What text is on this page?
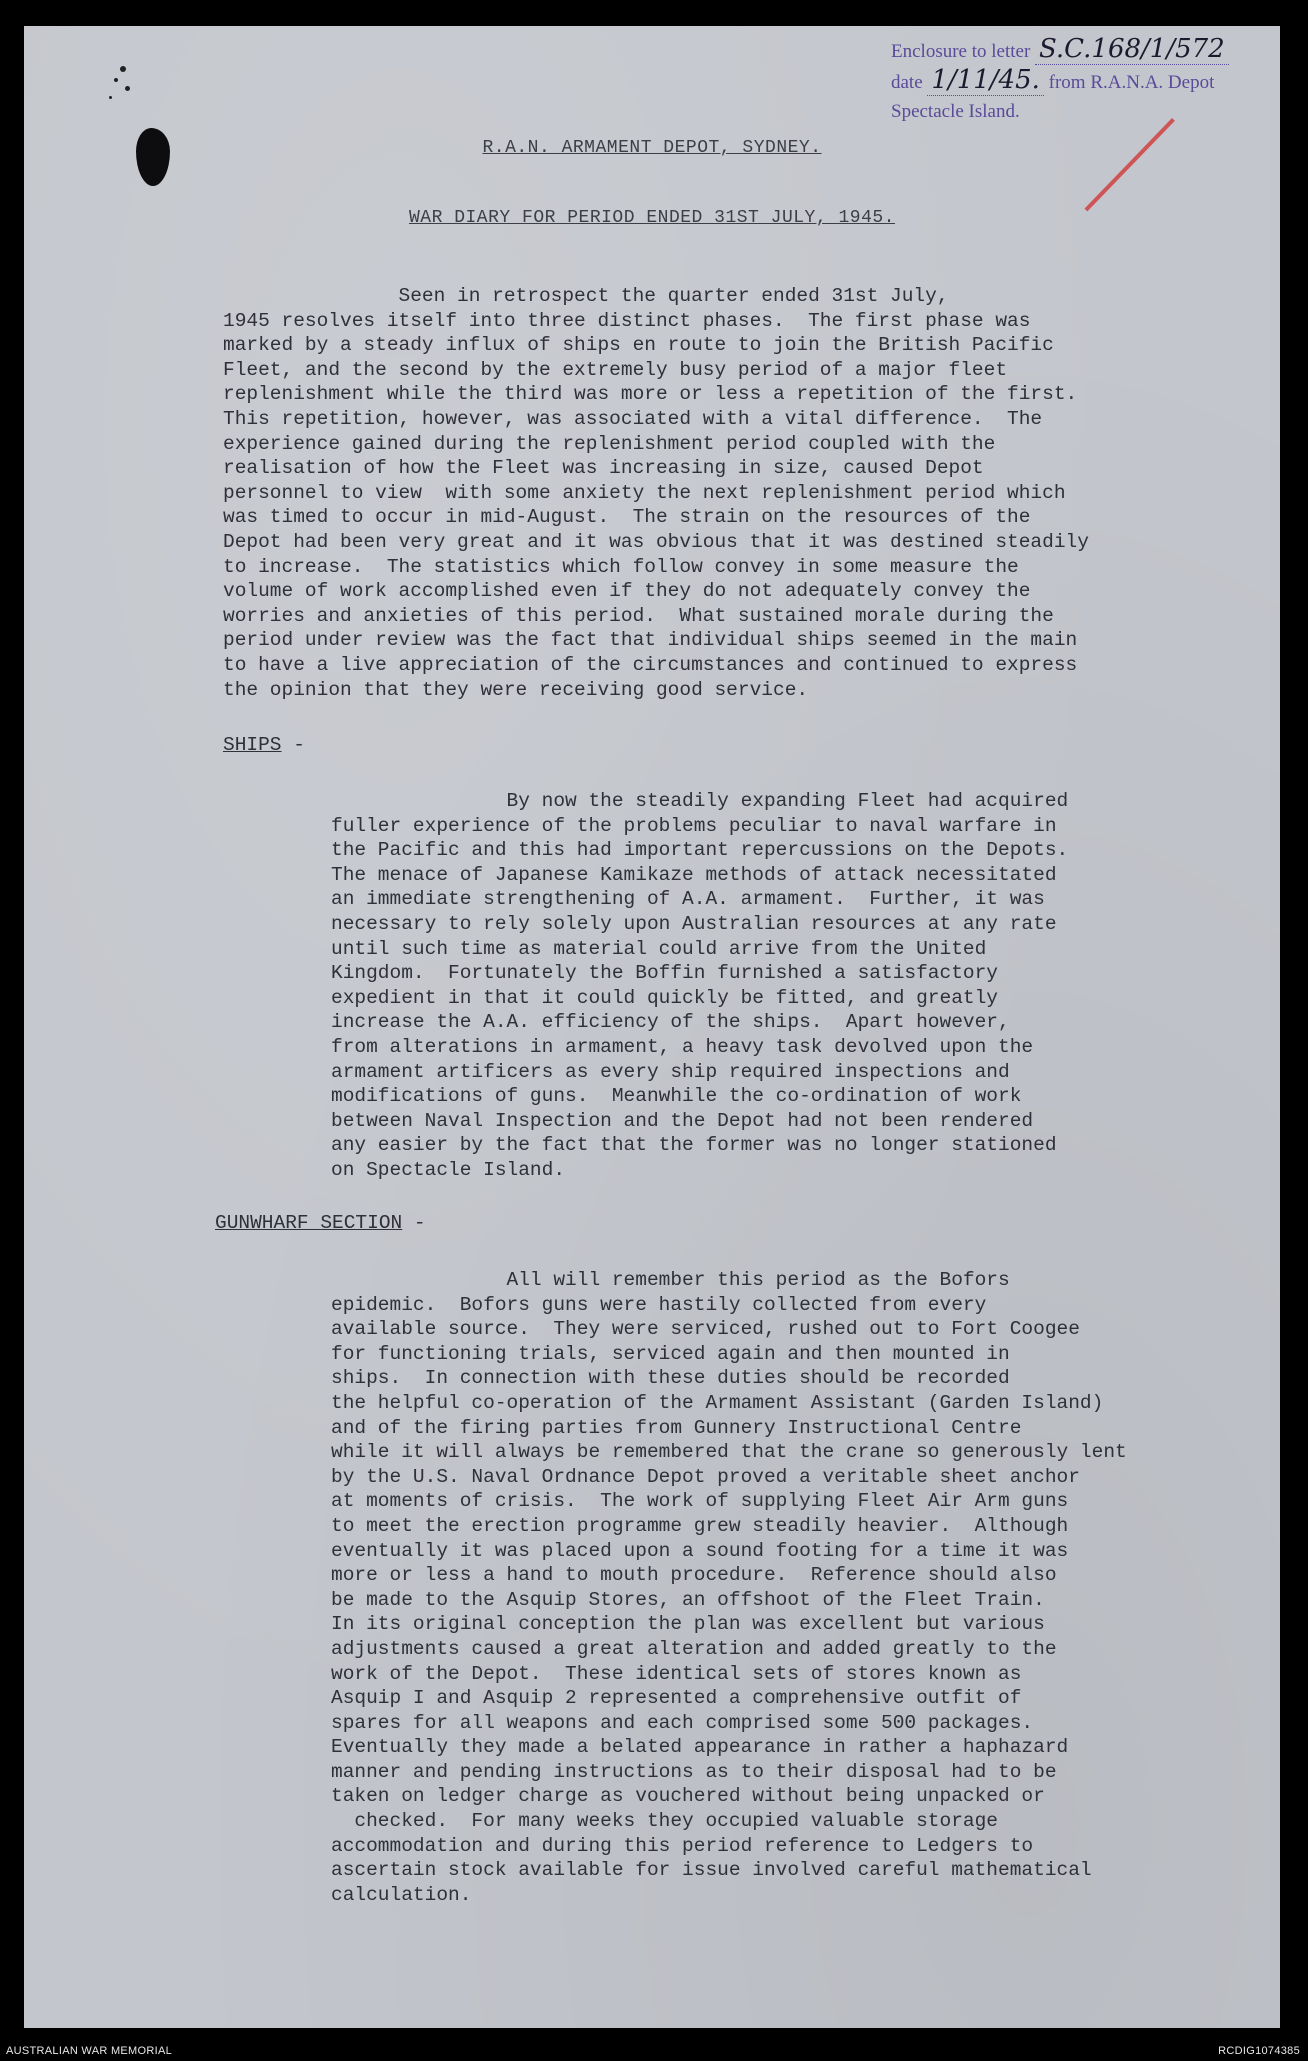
Enclosure to letter S.C.168/1/572
date 1/11/45. from R.A.N.A. Depot
Spectacle Island.
R.A.N. ARMAMENT DEPOT, SYDNEY.
WAR DIARY FOR PERIOD ENDED 31ST JULY, 1945.
Seen in retrospect the quarter ended 31st July,
1945 resolves itself into three distinct phases.  The first phase was
marked by a steady influx of ships en route to join the British Pacific
Fleet, and the second by the extremely busy period of a major fleet
replenishment while the third was more or less a repetition of the first.
This repetition, however, was associated with a vital difference.  The
experience gained during the replenishment period coupled with the
realisation of how the Fleet was increasing in size, caused Depot
personnel to view  with some anxiety the next replenishment period which
was timed to occur in mid-August.  The strain on the resources of the
Depot had been very great and it was obvious that it was destined steadily
to increase.  The statistics which follow convey in some measure the
volume of work accomplished even if they do not adequately convey the
worries and anxieties of this period.  What sustained morale during the
period under review was the fact that individual ships seemed in the main
to have a live appreciation of the circumstances and continued to express
the opinion that they were receiving good service.
SHIPS -
By now the steadily expanding Fleet had acquired
fuller experience of the problems peculiar to naval warfare in
the Pacific and this had important repercussions on the Depots.
The menace of Japanese Kamikaze methods of attack necessitated
an immediate strengthening of A.A. armament.  Further, it was
necessary to rely solely upon Australian resources at any rate
until such time as material could arrive from the United
Kingdom.  Fortunately the Boffin furnished a satisfactory
expedient in that it could quickly be fitted, and greatly
increase the A.A. efficiency of the ships.  Apart however,
from alterations in armament, a heavy task devolved upon the
armament artificers as every ship required inspections and
modifications of guns.  Meanwhile the co-ordination of work
between Naval Inspection and the Depot had not been rendered
any easier by the fact that the former was no longer stationed
on Spectacle Island.
GUNWHARF SECTION -
All will remember this period as the Bofors
epidemic.  Bofors guns were hastily collected from every
available source.  They were serviced, rushed out to Fort Coogee
for functioning trials, serviced again and then mounted in
ships.  In connection with these duties should be recorded
the helpful co-operation of the Armament Assistant (Garden Island)
and of the firing parties from Gunnery Instructional Centre
while it will always be remembered that the crane so generously lent
by the U.S. Naval Ordnance Depot proved a veritable sheet anchor
at moments of crisis.  The work of supplying Fleet Air Arm guns
to meet the erection programme grew steadily heavier.  Although
eventually it was placed upon a sound footing for a time it was
more or less a hand to mouth procedure.  Reference should also
be made to the Asquip Stores, an offshoot of the Fleet Train.
In its original conception the plan was excellent but various
adjustments caused a great alteration and added greatly to the
work of the Depot.  These identical sets of stores known as
Asquip I and Asquip 2 represented a comprehensive outfit of
spares for all weapons and each comprised some 500 packages.
Eventually they made a belated appearance in rather a haphazard
manner and pending instructions as to their disposal had to be
taken on ledger charge as vouchered without being unpacked or
checked.  For many weeks they occupied valuable storage
accommodation and during this period reference to Ledgers to
ascertain stock available for issue involved careful mathematical
calculation.
AUSTRALIAN WAR MEMORIAL	RCDIG1074385
